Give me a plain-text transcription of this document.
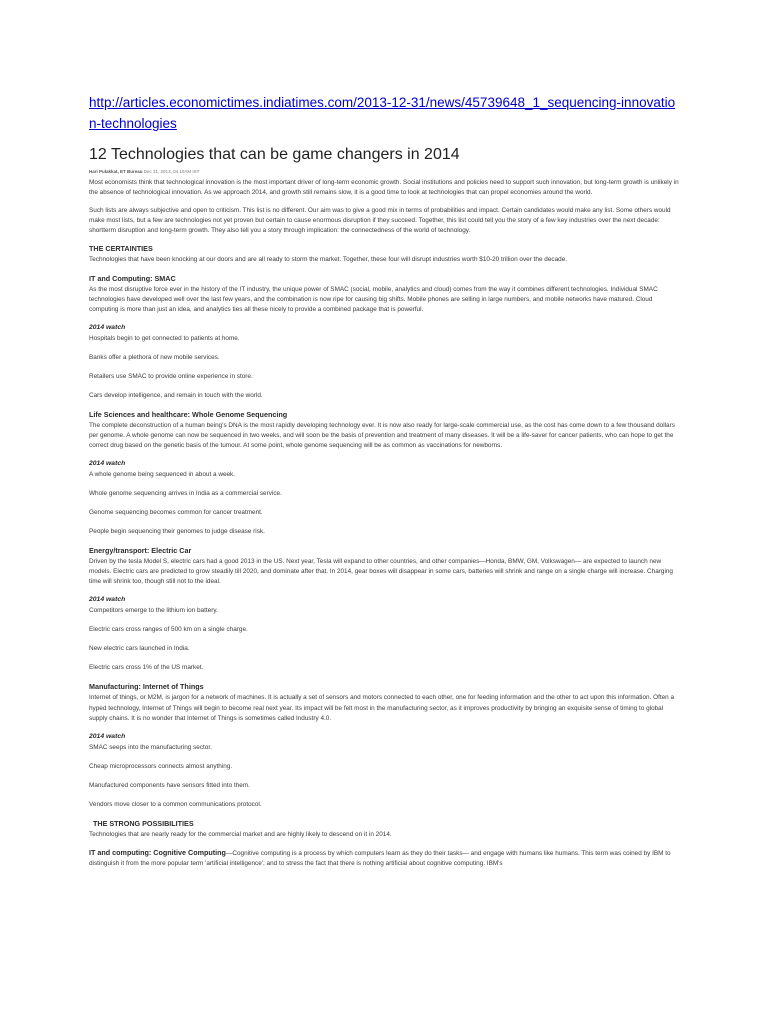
http://articles.economictimes.indiatimes.com/2013-12-31/news/45739648_1_sequencing-innovation-technologies
12 Technologies that can be game changers in 2014
Hari Pulakkat, ET Bureau Dec 31, 2013, 04.10AM IST

Most economists think that technological innovation is the most important driver of long-term economic growth. Social institutions and policies need to support such innovation, but long-term growth is unlikely in the absence of technological innovation. As we approach 2014, and growth still remains slow, it is a good time to look at technologies that can propel economies around the world.

Such lists are always subjective and open to criticism. This list is no different. Our aim was to give a good mix in terms of probabilities and impact. Certain candidates would make any list. Some others would make most lists, but a few are technologies not yet proven but certain to cause enormous disruption if they succeed. Together, this list could tell you the story of a few key industries over the next decade: shortterm disruption and long-term growth. They also tell you a story through implication: the connectedness of the world of technology.

THE CERTAINTIES

Technologies that have been knocking at our doors and are all ready to storm the market. Together, these four will disrupt industries worth $10-20 trillion over the decade.

IT and Computing: SMAC

As the most disruptive force ever in the history of the IT industry, the unique power of SMAC (social, mobile, analytics and cloud) comes from the way it combines different technologies. Individual SMAC technologies have developed well over the last few years, and the combination is now ripe for causing big shifts. Mobile phones are selling in large numbers, and mobile networks have matured. Cloud computing is more than just an idea, and analytics ties all these nicely to provide a combined package that is powerful.

2014 watch

Hospitals begin to get connected to patients at home.

Banks offer a plethora of new mobile services.

Retailers use SMAC to provide online experience in store.

Cars develop intelligence, and remain in touch with the world.

Life Sciences and healthcare: Whole Genome Sequencing

The complete deconstruction of a human being's DNA is the most rapidly developing technology ever. It is now also ready for large-scale commercial use, as the cost has come down to a few thousand dollars per genome. A whole genome can now be sequenced in two weeks, and will soon be the basis of prevention and treatment of many diseases. It will be a life-saver for cancer patients, who can hope to get the correct drug based on the genetic basis of the tumour. At some point, whole genome sequencing will be as common as vaccinations for newborns.

2014 watch

A whole genome being sequenced in about a week.

Whole genome sequencing arrives in India as a commercial service.

Genome sequencing becomes common for cancer treatment.

People begin sequencing their genomes to judge disease risk.

Energy/transport: Electric Car

Driven by the tesla Model S, electric cars had a good 2013 in the US. Next year, Tesla will expand to other countries, and other companies—Honda, BMW, GM, Volkswagen— are expected to launch new models. Electric cars are predicted to grow steadily till 2020, and dominate after that. In 2014, gear boxes will disappear in some cars, batteries will shrink and range on a single charge will increase. Charging time will shrink too, though still not to the ideal.

2014 watch

Competitors emerge to the lithium ion battery.

Electric cars cross ranges of 500 km on a single charge.

New electric cars launched in India.

Electric cars cross 1% of the US market.

Manufacturing: Internet of Things

Internet of things, or M2M, is jargon for a network of machines. It is actually a set of sensors and motors connected to each other, one for feeding information and the other to act upon this information. Often a hyped technology, Internet of Things will begin to become real next year. Its impact will be felt most in the manufacturing sector, as it improves productivity by bringing an exquisite sense of timing to global supply chains. It is no wonder that Internet of Things is sometimes called Industry 4.0.

2014 watch

SMAC seeps into the manufacturing sector.

Cheap microprocessors connects almost anything.

Manufactured components have sensors fitted into them.

Vendors move closer to a common communications protocol.

THE STRONG POSSIBILITIES

Technologies that are nearly ready for the commercial market and are highly likely to descend on it in 2014.

IT and computing: Cognitive Computing—Cognitive computing is a process by which computers learn as they do their tasks— and engage with humans like humans. This term was coined by IBM to distinguish it from the more popular term 'artificial intelligence', and to stress the fact that there is nothing artificial about cognitive computing. IBM's
